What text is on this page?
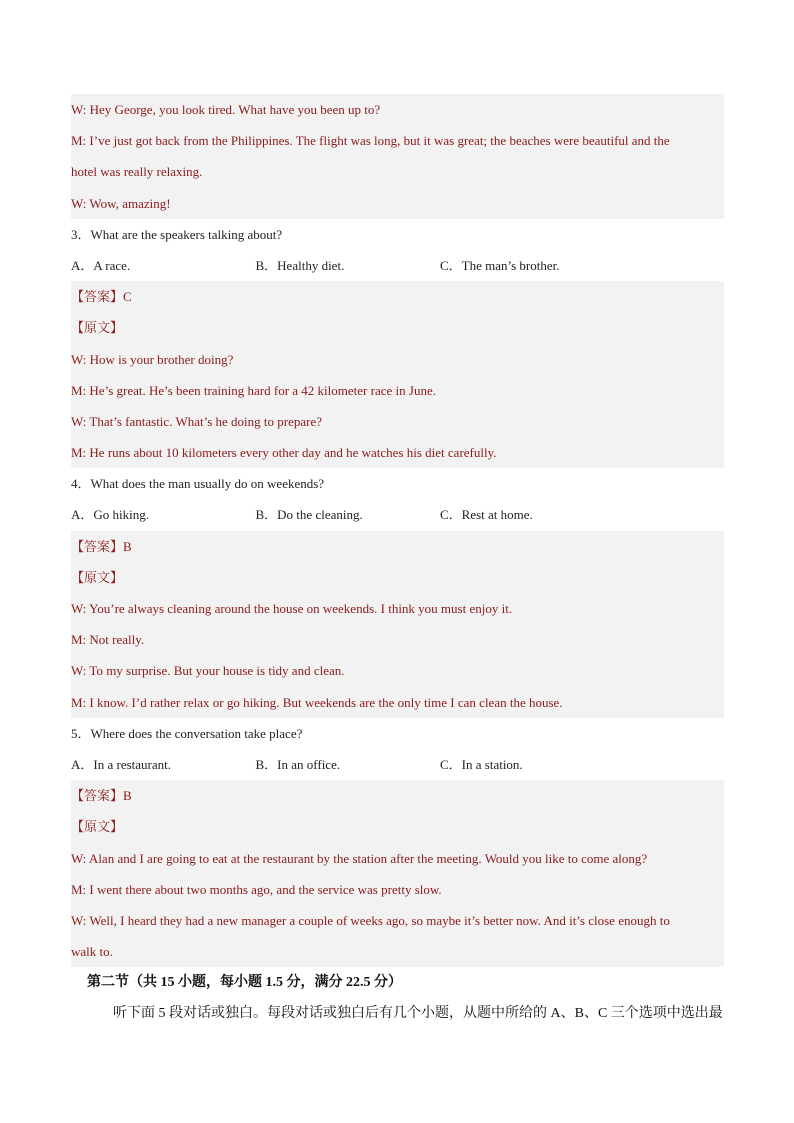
W: Hey George, you look tired. What have you been up to?
M: I’ve just got back from the Philippines. The flight was long, but it was great; the beaches were beautiful and the
hotel was really relaxing.
W: Wow, amazing!
3．What are the speakers talking about?
A．A race.	B．Healthy diet.	C．The man’s brother.
【答案】C
【原文】
W: How is your brother doing?
M: He’s great. He’s been training hard for a 42 kilometer race in June.
W: That’s fantastic. What’s he doing to prepare?
M: He runs about 10 kilometers every other day and he watches his diet carefully.
4．What does the man usually do on weekends?
A．Go hiking.	B．Do the cleaning.	C．Rest at home.
【答案】B
【原文】
W: You’re always cleaning around the house on weekends. I think you must enjoy it.
M: Not really.
W: To my surprise. But your house is tidy and clean.
M: I know. I’d rather relax or go hiking. But weekends are the only time I can clean the house.
5．Where does the conversation take place?
A．In a restaurant.	B．In an office.	C．In a station.
【答案】B
【原文】
W: Alan and I are going to eat at the restaurant by the station after the meeting. Would you like to come along?
M: I went there about two months ago, and the service was pretty slow.
W: Well, I heard they had a new manager a couple of weeks ago, so maybe it’s better now. And it’s close enough to
walk to.
第二节（共 15 小题，每小题 1.5 分，满分 22.5 分）
听下面 5 段对话或独白。每段对话或独白后有几个小题，从题中所给的 A、B、C 三个选项中选出最
